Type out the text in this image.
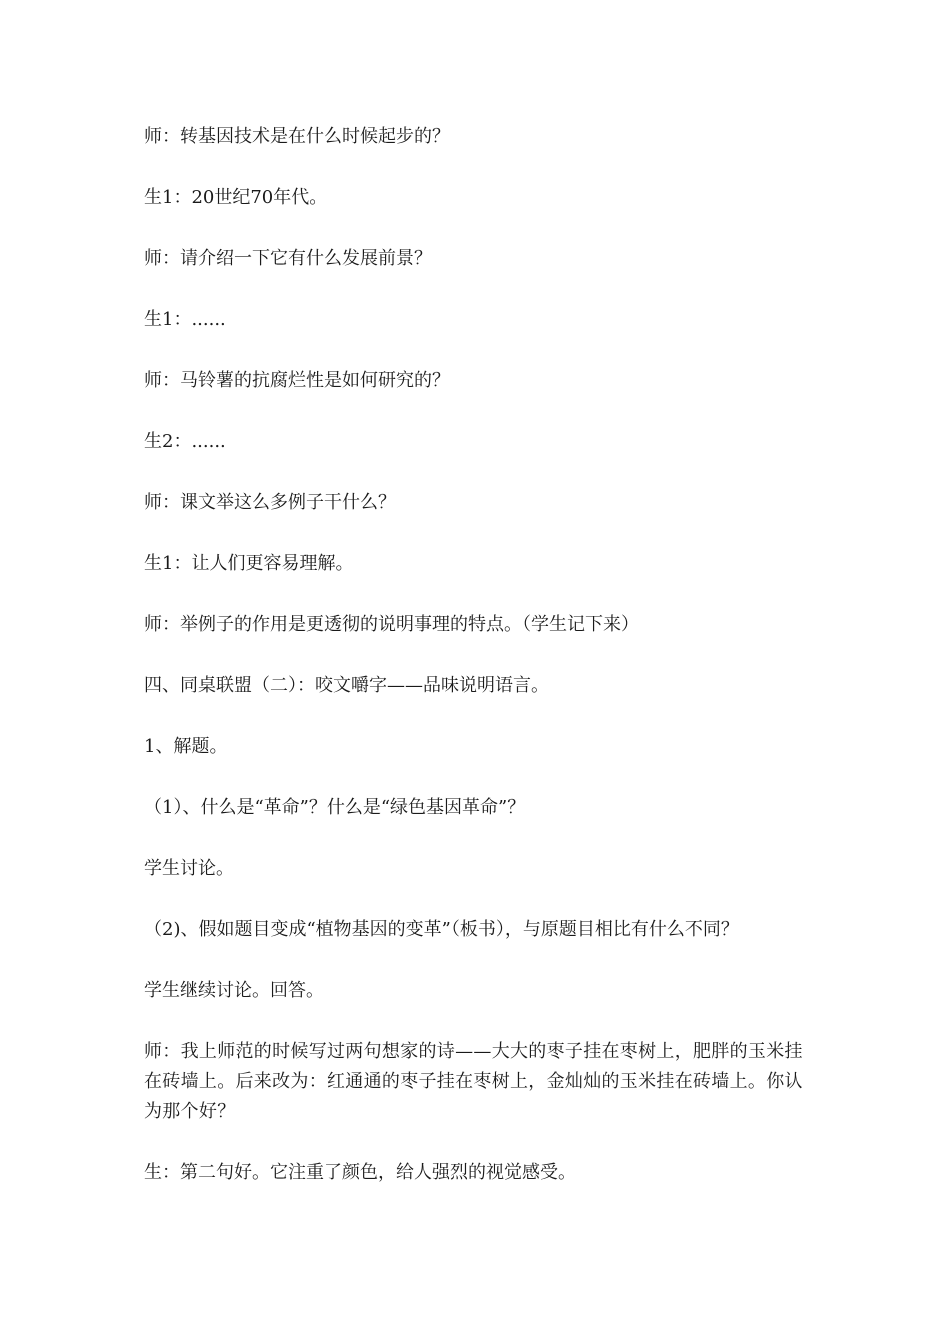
师：转基因技术是在什么时候起步的？

生1：20世纪70年代。

师：请介绍一下它有什么发展前景？

生1：......

师：马铃薯的抗腐烂性是如何研究的？

生2：......

师：课文举这么多例子干什么？

生1：让人们更容易理解。

师：举例子的作用是更透彻的说明事理的特点。（学生记下来）

四、同桌联盟（二）：咬文嚼字——品味说明语言。

1、解题。

（1）、什么是“革命”？什么是“绿色基因革命”？

学生讨论。

（2)、假如题目变成“植物基因的变革”（板书），与原题目相比有什么不同？

学生继续讨论。回答。

师：我上师范的时候写过两句想家的诗——大大的枣子挂在枣树上，肥胖的玉米挂在砖墙上。后来改为：红通通的枣子挂在枣树上，金灿灿的玉米挂在砖墙上。你认为那个好？

生：第二句好。它注重了颜色，给人强烈的视觉感受。
